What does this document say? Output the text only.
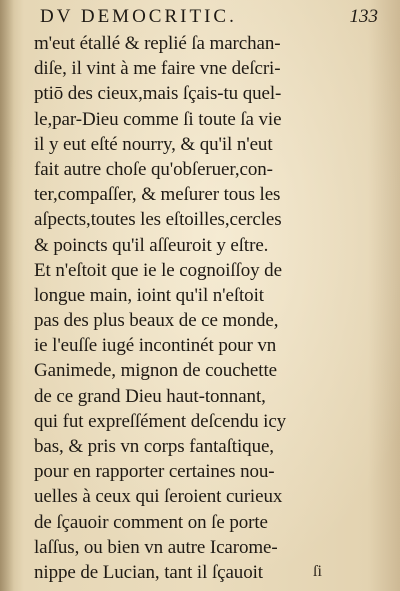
DV DEMOCRITIC.	133
m'eut étallé & replié ſa marchan-
diſe, il vint à me faire vne deſcri-
ptiō des cieux,mais ſçais-tu quel-
le,par-Dieu comme ſi toute ſa vie
il y eut eſté nourry, & qu'il n'eut
fait autre choſe qu'obſeruer,con-
ter,compaſſer, & meſurer tous les
aſpects,toutes les eſtoilles,cercles
& poincts qu'il aſſeuroit y eſtre.
Et n'eſtoit que ie le cognoiſſoy de
longue main, ioint qu'il n'eſtoit
pas des plus beaux de ce monde,
ie l'euſſe iugé incontinét pour vn
Ganimede, mignon de couchette
de ce grand Dieu haut-tonnant,
qui fut expreſſément deſcendu icy
bas, & pris vn corps fantaſtique,
pour en rapporter certaines nou-
uelles à ceux qui ſeroient curieux
de ſçauoir comment on ſe porte
laſſus, ou bien vn autre Icarome-
nippe de Lucian, tant il ſçauoit	ſi
